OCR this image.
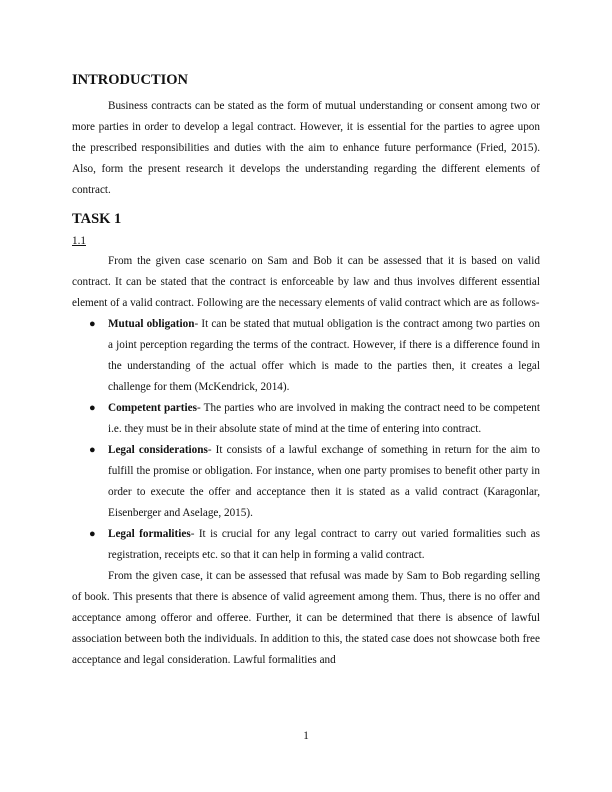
INTRODUCTION

Business contracts can be stated as the form of mutual understanding or consent among two or more parties in order to develop a legal contract. However, it is essential for the parties to agree upon the prescribed responsibilities and duties with the aim to enhance future performance (Fried, 2015). Also, form the present research it develops the understanding regarding the different elements of contract.

TASK 1

1.1

From the given case scenario on Sam and Bob it can be assessed that it is based on valid contract. It can be stated that the contract is enforceable by law and thus involves different essential element of a valid contract. Following are the necessary elements of valid contract which are as follows-

● Mutual obligation- It can be stated that mutual obligation is the contract among two parties on a joint perception regarding the terms of the contract. However, if there is a difference found in the understanding of the actual offer which is made to the parties then, it creates a legal challenge for them (McKendrick, 2014).
● Competent parties- The parties who are involved in making the contract need to be competent i.e. they must be in their absolute state of mind at the time of entering into contract.
● Legal considerations- It consists of a lawful exchange of something in return for the aim to fulfill the promise or obligation. For instance, when one party promises to benefit other party in order to execute the offer and acceptance then it is stated as a valid contract (Karagonlar, Eisenberger and Aselage, 2015).
● Legal formalities- It is crucial for any legal contract to carry out varied formalities such as registration, receipts etc. so that it can help in forming a valid contract.

From the given case, it can be assessed that refusal was made by Sam to Bob regarding selling of book. This presents that there is absence of valid agreement among them. Thus, there is no offer and acceptance among offeror and offeree. Further, it can be determined that there is absence of lawful association between both the individuals. In addition to this, the stated case does not showcase both free acceptance and legal consideration. Lawful formalities and

1
